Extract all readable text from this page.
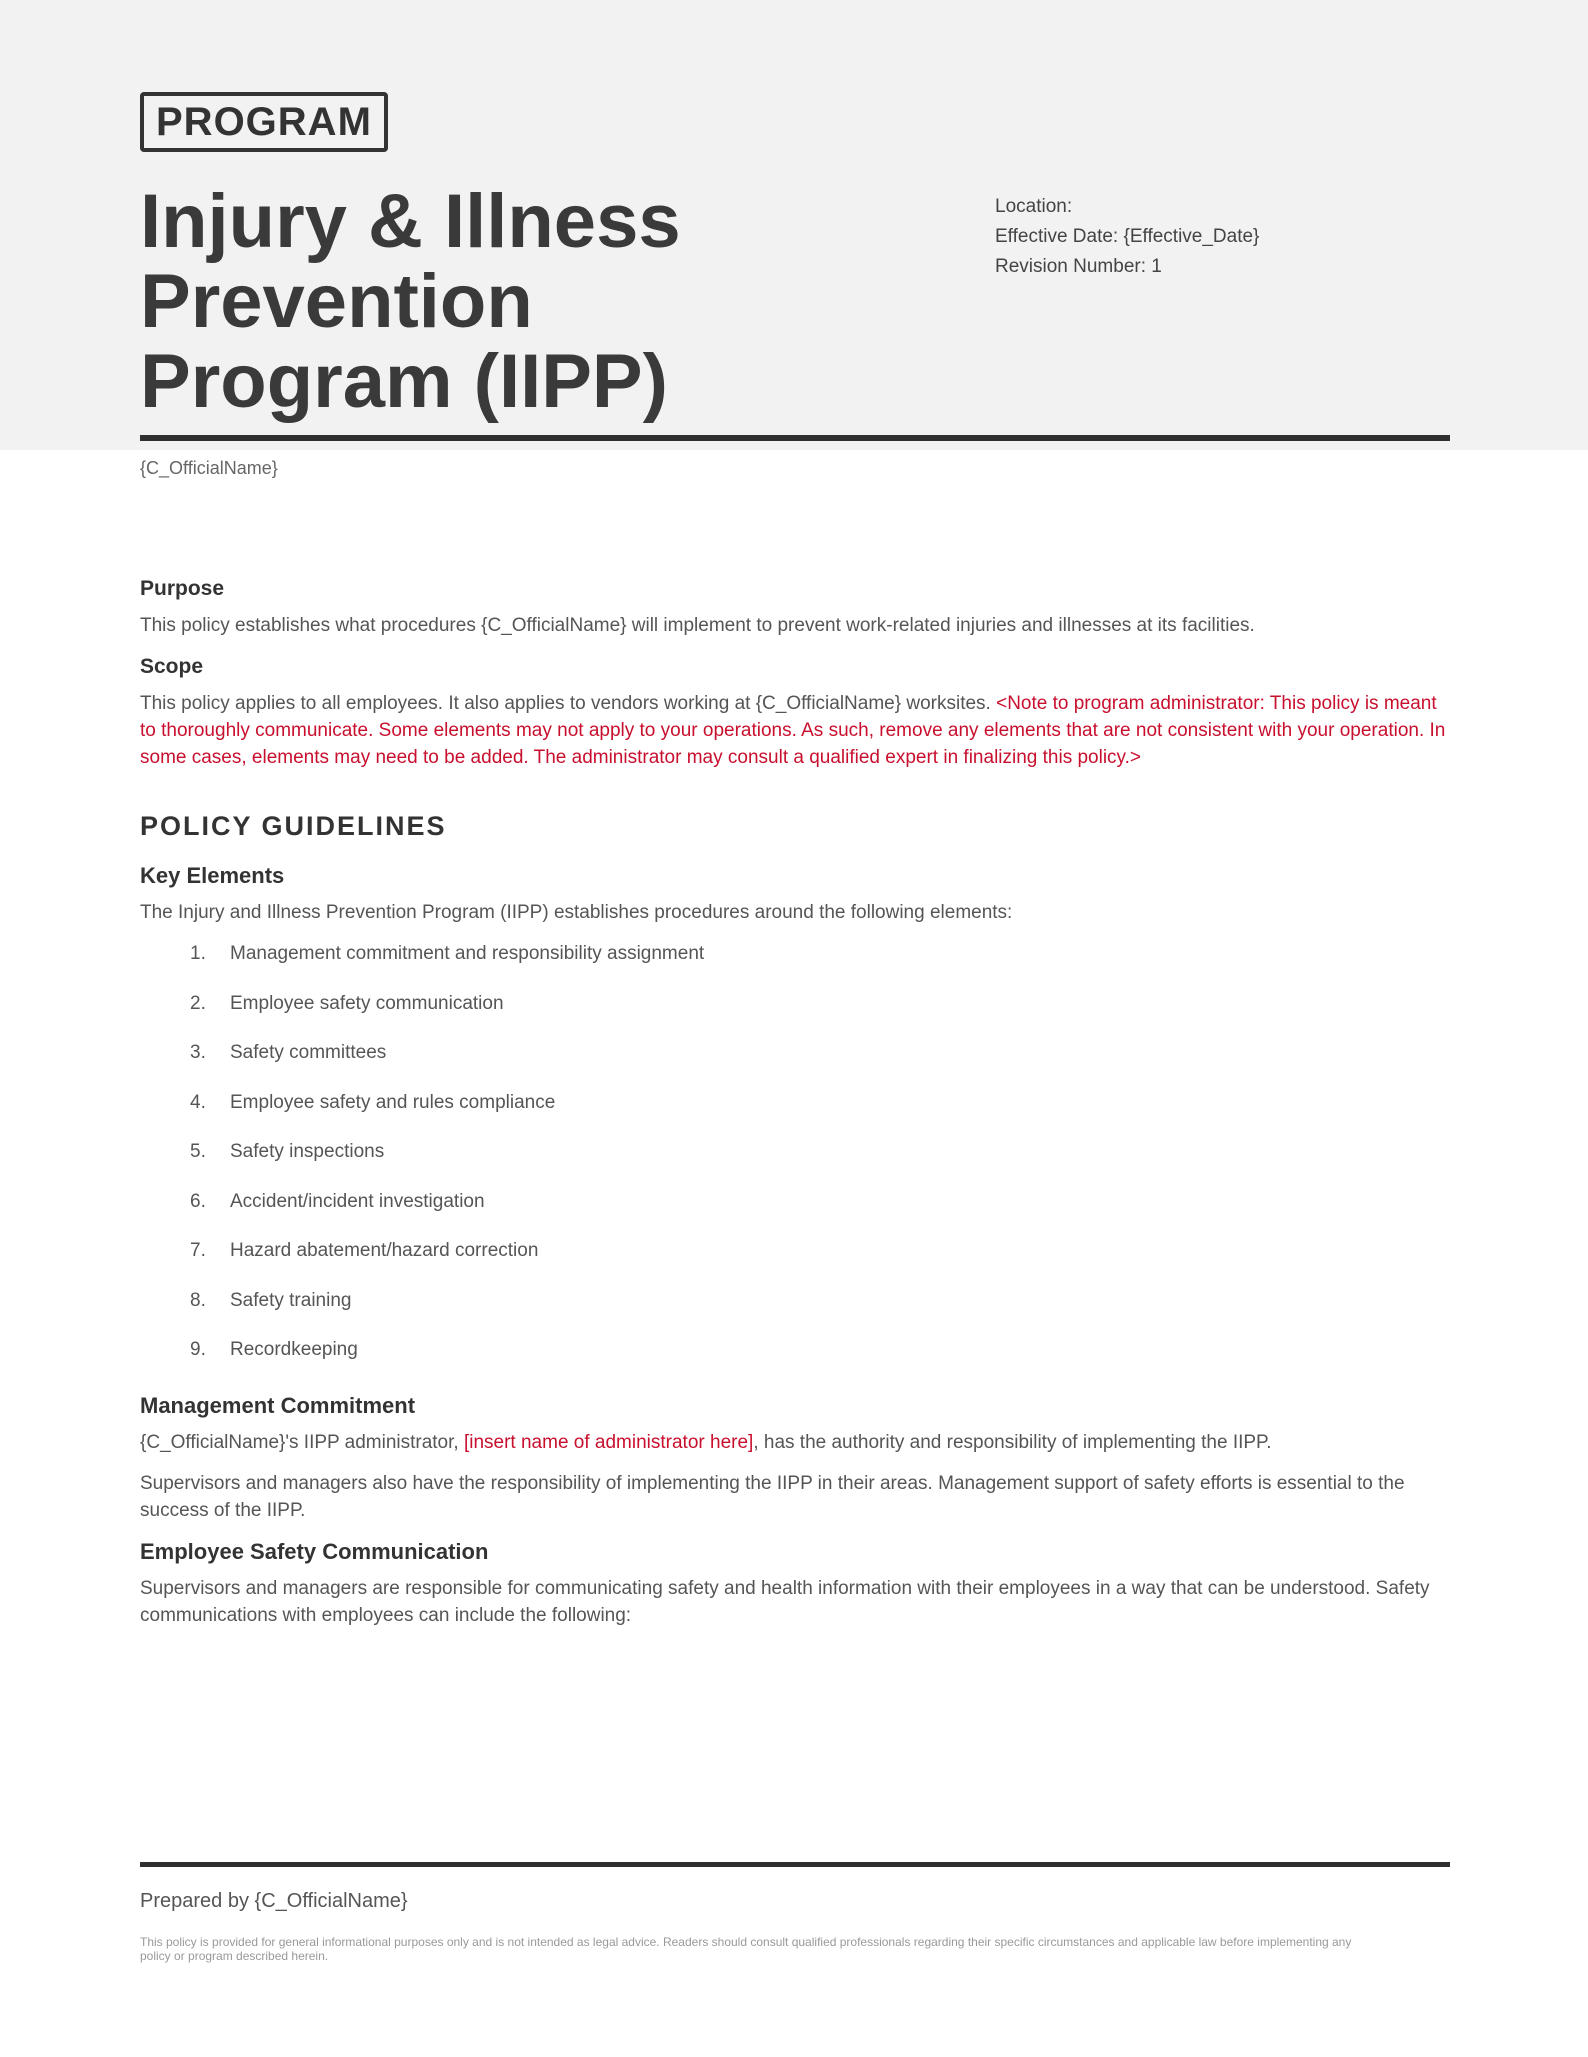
PROGRAM
Injury & Illness Prevention Program (IIPP)
Location:
Effective Date: {Effective_Date}
Revision Number: 1
{C_OfficialName}
Purpose

This policy establishes what procedures {C_OfficialName} will implement to prevent work-related injuries and illnesses at its facilities.

Scope

This policy applies to all employees. It also applies to vendors working at {C_OfficialName} worksites. <Note to program administrator: This policy is meant to thoroughly communicate. Some elements may not apply to your operations. As such, remove any elements that are not consistent with your operation. In some cases, elements may need to be added. The administrator may consult a qualified expert in finalizing this policy.>

POLICY GUIDELINES
Key Elements

The Injury and Illness Prevention Program (IIPP) establishes procedures around the following elements:

1. Management commitment and responsibility assignment
2. Employee safety communication
3. Safety committees
4. Employee safety and rules compliance
5. Safety inspections
6. Accident/incident investigation
7. Hazard abatement/hazard correction
8. Safety training
9. Recordkeeping
Management Commitment

{C_OfficialName}'s IIPP administrator, [insert name of administrator here], has the authority and responsibility of implementing the IIPP.

Supervisors and managers also have the responsibility of implementing the IIPP in their areas. Management support of safety efforts is essential to the success of the IIPP.

Employee Safety Communication

Supervisors and managers are responsible for communicating safety and health information with their employees in a way that can be understood. Safety communications with employees can include the following:

Prepared by {C_OfficialName}
This policy is provided for general informational purposes only and is not intended as legal advice. Readers should consult qualified professionals regarding their specific circumstances and applicable law before implementing any policy or program described herein.
